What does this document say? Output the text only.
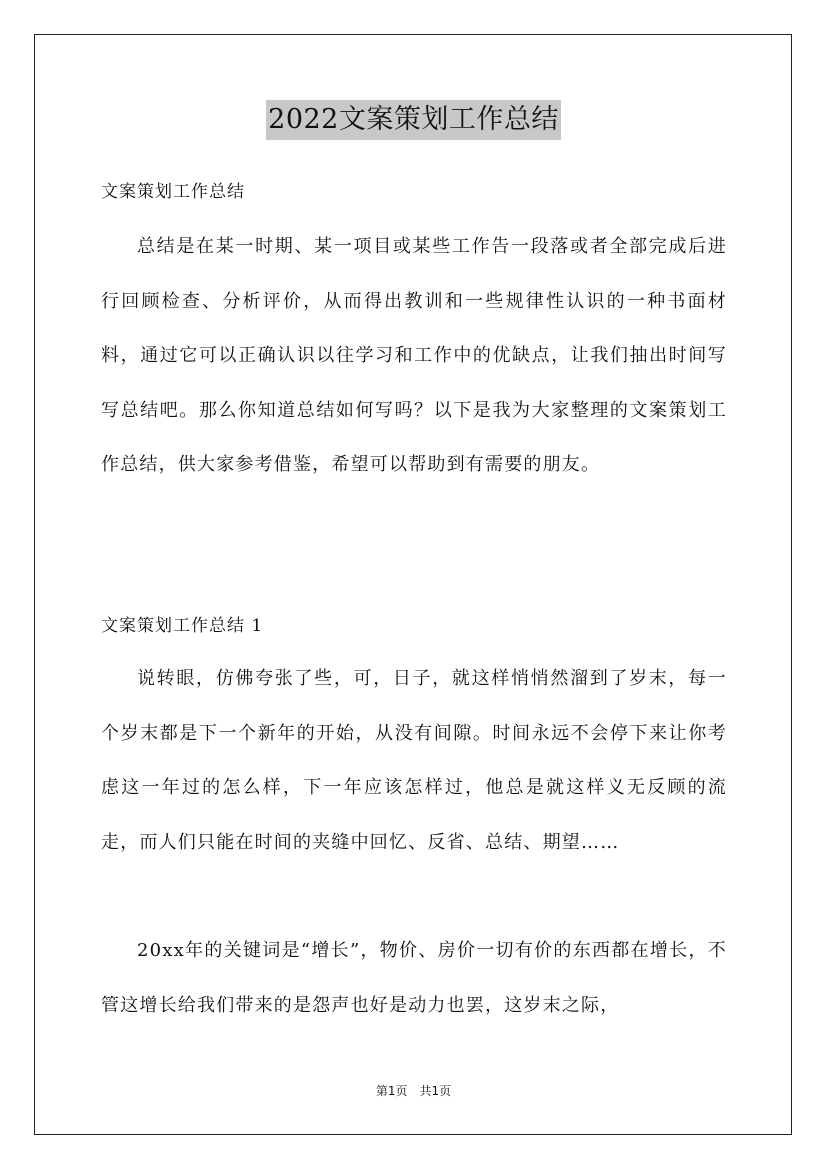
2022文案策划工作总结
文案策划工作总结

总结是在某一时期、某一项目或某些工作告一段落或者全部完成后进行回顾检查、分析评价，从而得出教训和一些规律性认识的一种书面材料，通过它可以正确认识以往学习和工作中的优缺点，让我们抽出时间写写总结吧。那么你知道总结如何写吗？以下是我为大家整理的文案策划工作总结，供大家参考借鉴，希望可以帮助到有需要的朋友。

文案策划工作总结 1

说转眼，仿佛夸张了些，可，日子，就这样悄悄然溜到了岁末，每一个岁末都是下一个新年的开始，从没有间隙。时间永远不会停下来让你考虑这一年过的怎么样，下一年应该怎样过，他总是就这样义无反顾的流走，而人们只能在时间的夹缝中回忆、反省、总结、期望……

20xx年的关键词是“增长”，物价、房价一切有价的东西都在增长，不管这增长给我们带来的是怨声也好是动力也罢，这岁末之际，

第1页　共1页
